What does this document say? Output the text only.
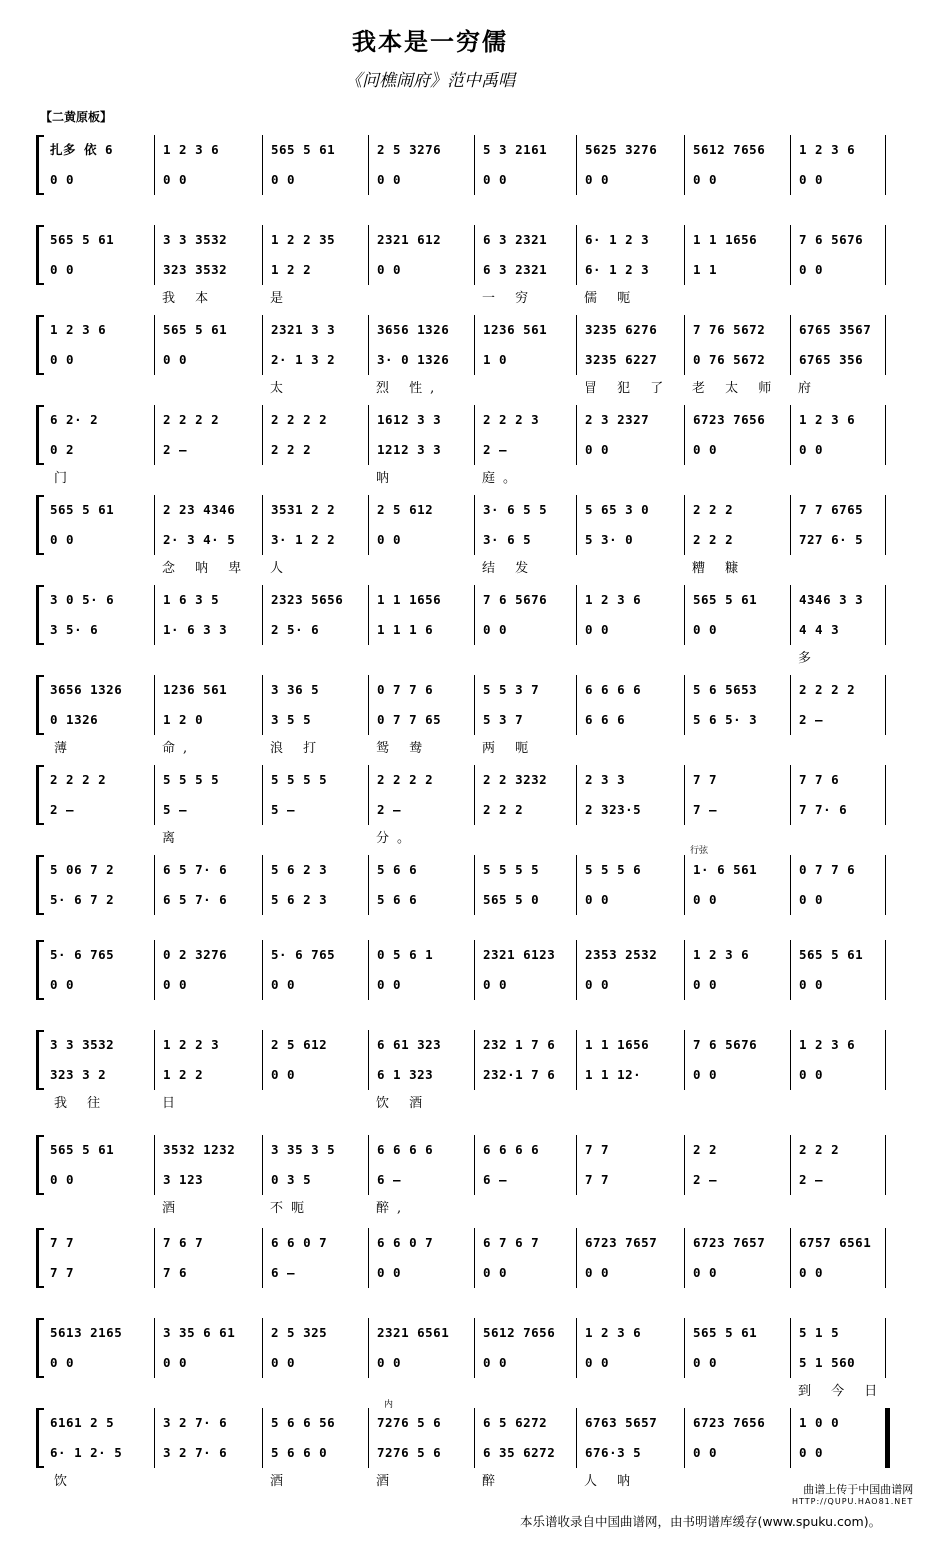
我本是一穷儒
《问樵闹府》范中禹唱
【二黄原板】
扎多 依 6	1 2 3 6	565 5 61	2 5 3276	5 3 2161	5625 3276	5612 7656	1 2 3 6
0 0	0 0	0 0	0 0	0 0	0 0	0 0	0 0
565 5 61	3 3 3532	1 2 2 35	2321 612	6 3 2321	6· 1 2 3	1 1 1656	7 6 5676
0 0	323 3532	1 2 2	0 0	6 3 2321	6· 1 2 3	1 1	0 0
我 本	是	一 穷	儒 呃
1 2 3 6	565 5 61	2321 3 3	3656 1326	1236 561	3235 6276	7 76 5672	6765 3567
0 0	0 0	2· 1 3 2	3· 0 1326	1 0	3235 6227	0 76 5672	6765 356
太	烈 性,	冒 犯 了	老 太 师	府
6 2· 2	2 2 2 2	2 2 2 2	1612 3 3	2 2 2 3	2 3 2327	6723 7656	1 2 3 6
0 2	2 —	2 2 2	1212 3 3	2 —	0 0	0 0	0 0
门	呐	庭。
565 5 61	2 23 4346	3531 2 2	2 5 612	3· 6 5 5	5 65 3 0	2 2 2	7 7 6765
0 0	2· 3 4· 5	3· 1 2 2	0 0	3· 6 5	5 3· 0	2 2 2	727 6· 5
念 呐 卑	人	结 发	糟 糠
3 0 5· 6	1 6 3 5	2323 5656	1 1 1656	7 6 5676	1 2 3 6	565 5 61	4346 3 3
3 5· 6	1· 6 3 3	2 5· 6	1 1 1 6	0 0	0 0	0 0	4 4 3
多
3656 1326	1236 561	3 36 5	0 7 7 6	5 5 3 7	6 6 6 6	5 6 5653	2 2 2 2
0 1326	1 2 0	3 5 5	0 7 7 65	5 3 7	6 6 6	5 6 5· 3	2 —
薄	命,	浪 打	鸳 鸯	两 呃
2 2 2 2	5 5 5 5	5 5 5 5	2 2 2 2	2 2 3232	2 3 3	7 7	7 7 6
2 —	5 —	5 —	2 —	2 2 2	2 323·5	7 —	7 7· 6
离	分。
5 06 7 2	6 5 7· 6	5 6 2 3	5 6 6	5 5 5 5	5 5 5 6	1· 6 561	0 7 7 6
5· 6 7 2	6 5 7· 6	5 6 2 3	5 6 6	565 5 0	0 0	0 0	0 0
5· 6 765	0 2 3276	5· 6 765	0 5 6 1	2321 6123	2353 2532	1 2 3 6	565 5 61
0 0	0 0	0 0	0 0	0 0	0 0	0 0	0 0
3 3 3532	1 2 2 3	2 5 612	6 61 323	232 1 7 6	1 1 1656	7 6 5676	1 2 3 6
323 3 2	1 2 2	0 0	6 1 323	232·1 7 6	1 1 12·	0 0	0 0
我 往	日	饮 酒
565 5 61	3532 1232	3 35 3 5	6 6 6 6	6 6 6 6	7 7	2 2	2 2 2
0 0	3 123	0 3 5	6 —	6 —	7 7	2 —	2 —
酒	不呃	醉,
7 7	7 6 7	6 6 0 7	6 6 0 7	6 7 6 7	6723 7657	6723 7657	6757 6561
7 7	7 6	6 —	0 0	0 0	0 0	0 0	0 0
5613 2165	3 35 6 61	2 5 325	2321 6561	5612 7656	1 2 3 6	565 5 61	5 1 5
0 0	0 0	0 0	0 0	0 0	0 0	0 0	5 1 560
到 今 日
6161 2 5	3 2 7· 6	5 6 6 56	7276 5 6	6 5 6272	6763 5657	6723 7656	1 0 0
6· 1 2· 5	3 2 7· 6	5 6 6 0	7276 5 6	6 35 6272	676·3 5	0 0	0 0
饮	酒	酒	醉	人 呐
行弦
内
曲谱上传于中国曲谱网
HTTP://QUPU.HAO81.NET
本乐谱收录自中国曲谱网，由书明谱库缓存(www.spuku.com)。
